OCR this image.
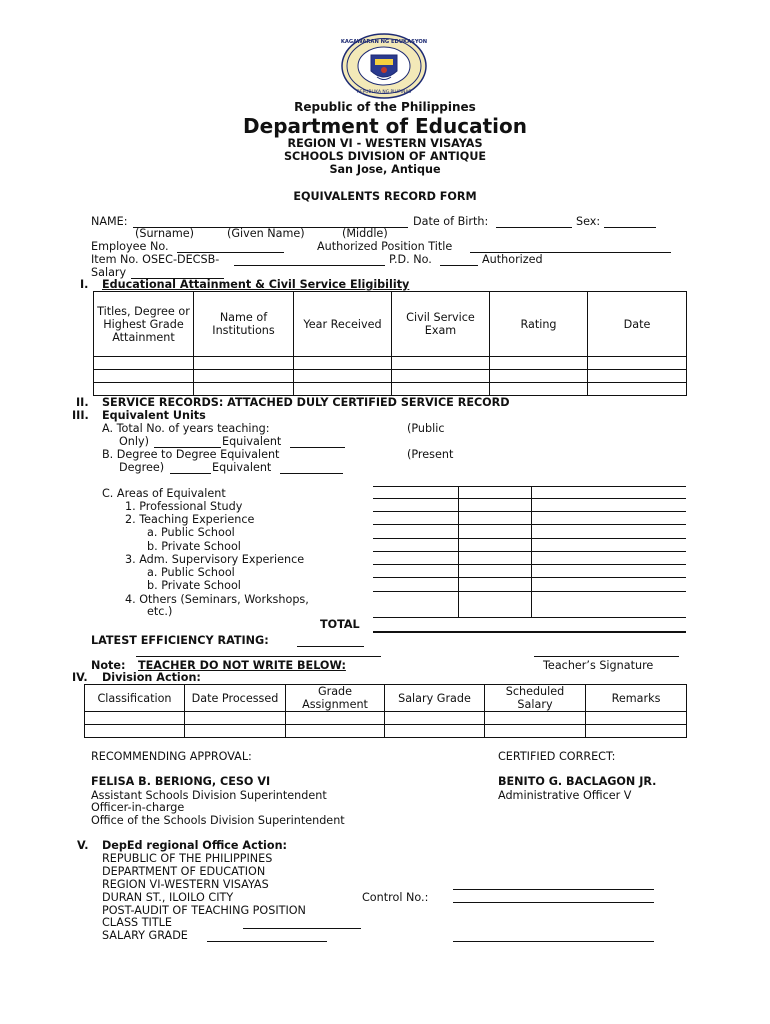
KAGAWARAN NG EDUKASYON
REPUBLIKA NG PILIPINAS
Republic of the Philippines
Department of Education
REGION VI - WESTERN VISAYAS
SCHOOLS DIVISION OF ANTIQUE
San Jose, Antique
EQUIVALENTS RECORD FORM
NAME:	Date of Birth:	Sex:
(Surname)	(Given Name)	(Middle)
Employee No.	Authorized Position Title
Item No. OSEC-DECSB-	P.D. No.	Authorized
Salary
I. Educational Attainment & Civil Service Eligibility
Titles, Degree or Highest Grade Attainment	Name of Institutions	Year Received	Civil Service Exam	Rating	Date

II. SERVICE RECORDS: ATTACHED DULY CERTIFIED SERVICE RECORD
III. Equivalent Units
A. Total No. of years teaching:	(Public
Only)	Equivalent
B. Degree to Degree Equivalent	(Present
Degree)	Equivalent
C. Areas of Equivalent
1. Professional Study
2. Teaching Experience
a. Public School
b. Private School
3. Adm. Supervisory Experience
a. Public School
b. Private School
4. Others (Seminars, Workshops,
etc.)
TOTAL
LATEST EFFICIENCY RATING:
Note: TEACHER DO NOT WRITE BELOW:	Teacher’s Signature
IV. Division Action:
Classification	Date Processed	Grade Assignment	Salary Grade	Scheduled Salary	Remarks

RECOMMENDING APPROVAL:	CERTIFIED CORRECT:
FELISA B. BERIONG, CESO VI	BENITO G. BACLAGON JR.
Assistant Schools Division Superintendent	Administrative Officer V
Officer-in-charge
Office of the Schools Division Superintendent
V. DepEd regional Office Action:
REPUBLIC OF THE PHILIPPINES
DEPARTMENT OF EDUCATION
REGION VI-WESTERN VISAYAS
DURAN ST., ILOILO CITY
POST-AUDIT OF TEACHING POSITION
CLASS TITLE
SALARY GRADE
Control No.:
